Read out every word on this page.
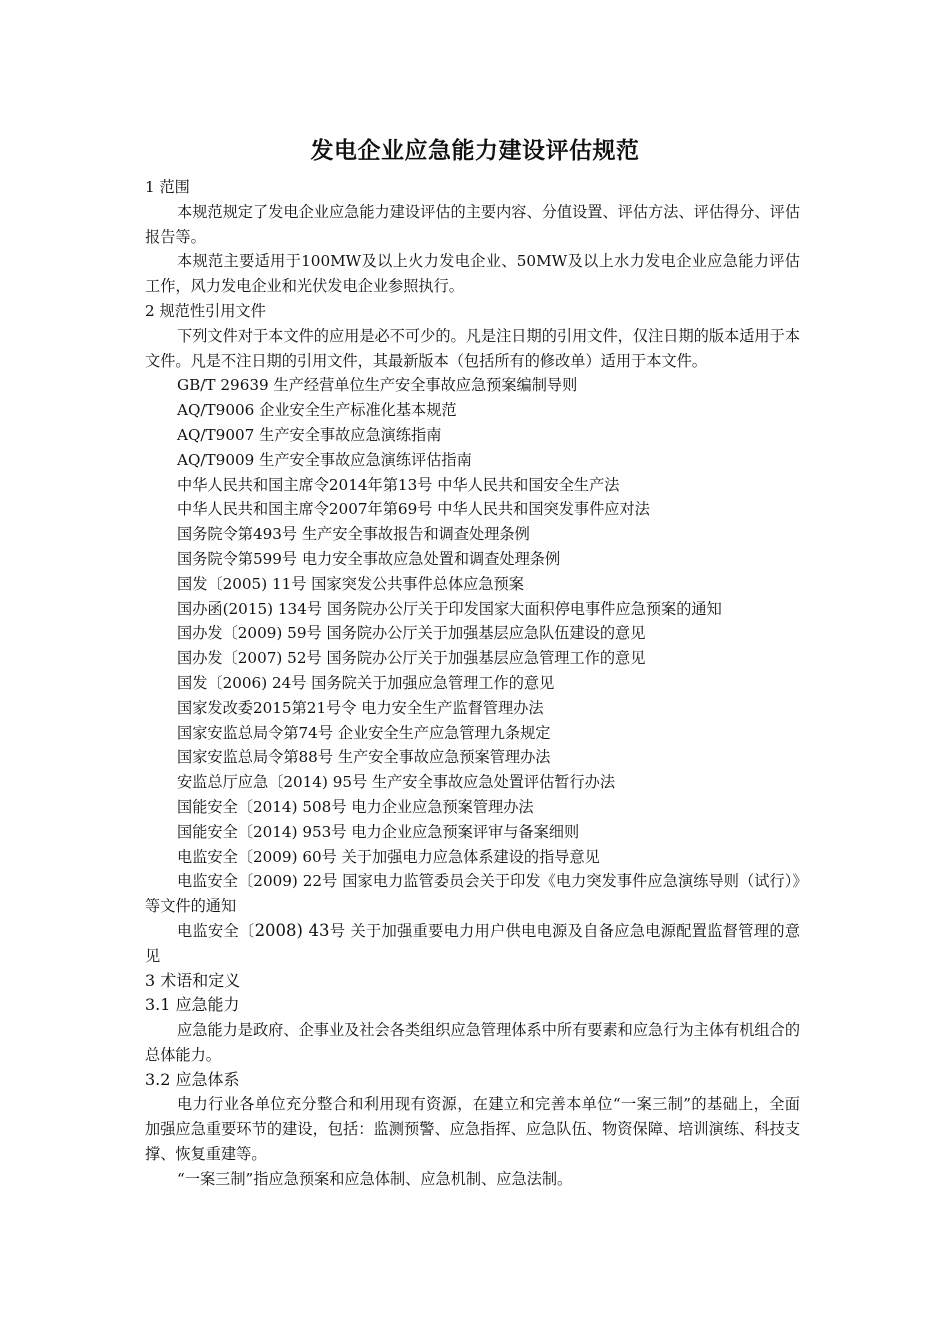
发电企业应急能力建设评估规范

1 范围

本规范规定了发电企业应急能力建设评估的主要内容、分值设置、评估方法、评估得分、评估报告等。

本规范主要适用于100MW及以上火力发电企业、50MW及以上水力发电企业应急能力评估工作，风力发电企业和光伏发电企业参照执行。

2 规范性引用文件

下列文件对于本文件的应用是必不可少的。凡是注日期的引用文件，仅注日期的版本适用于本文件。凡是不注日期的引用文件，其最新版本（包括所有的修改单）适用于本文件。

GB/T 29639 生产经营单位生产安全事故应急预案编制导则

AQ/T9006 企业安全生产标准化基本规范

AQ/T9007 生产安全事故应急演练指南

AQ/T9009 生产安全事故应急演练评估指南

中华人民共和国主席令2014年第13号 中华人民共和国安全生产法

中华人民共和国主席令2007年第69号 中华人民共和国突发事件应对法

国务院令第493号 生产安全事故报告和调查处理条例

国务院令第599号 电力安全事故应急处置和调查处理条例

国发〔2005) 11号 国家突发公共事件总体应急预案

国办函(2015) 134号 国务院办公厅关于印发国家大面积停电事件应急预案的通知

国办发〔2009) 59号 国务院办公厅关于加强基层应急队伍建设的意见

国办发〔2007) 52号 国务院办公厅关于加强基层应急管理工作的意见

国发〔2006) 24号 国务院关于加强应急管理工作的意见

国家发改委2015第21号令 电力安全生产监督管理办法

国家安监总局令第74号 企业安全生产应急管理九条规定

国家安监总局令第88号 生产安全事故应急预案管理办法

安监总厅应急〔2014) 95号 生产安全事故应急处置评估暂行办法

国能安全〔2014) 508号 电力企业应急预案管理办法

国能安全〔2014) 953号 电力企业应急预案评审与备案细则

电监安全〔2009) 60号 关于加强电力应急体系建设的指导意见

电监安全〔2009) 22号 国家电力监管委员会关于印发《电力突发事件应急演练导则（试行）》等文件的通知

电监安全〔2008) 43号 关于加强重要电力用户供电电源及自备应急电源配置监督管理的意见

3 术语和定义

3.1 应急能力

应急能力是政府、企事业及社会各类组织应急管理体系中所有要素和应急行为主体有机组合的总体能力。

3.2 应急体系

电力行业各单位充分整合和利用现有资源，在建立和完善本单位“一案三制”的基础上，全面加强应急重要环节的建设，包括：监测预警、应急指挥、应急队伍、物资保障、培训演练、科技支撑、恢复重建等。

“一案三制”指应急预案和应急体制、应急机制、应急法制。
